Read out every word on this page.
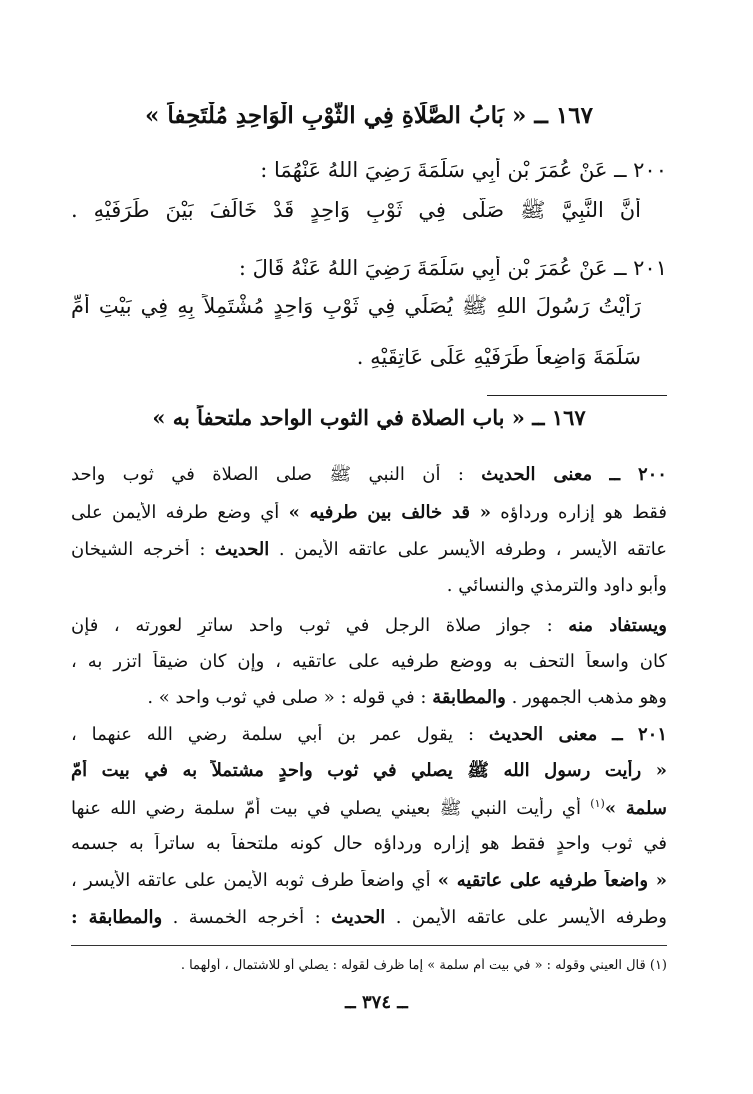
١٦٧ ــ « بَابُ الصَّلَاةِ فِي الثَّوْبِ الْوَاحِدِ مُلْتَحِفاً »
٢٠٠ ــ عَنْ عُمَرَ بْنِ أَبِي سَلَمَةَ رَضِيَ اللهُ عَنْهُمَا :
أَنَّ النَّبِيَّ ﷺ صَلَّى فِي ثَوْبٍ وَاحِدٍ قَدْ خَالَفَ بَيْنَ طَرَفَيْهِ .
٢٠١ ــ عَنْ عُمَرَ بْنِ أَبِي سَلَمَةَ رَضِيَ اللهُ عَنْهُ قَالَ :
رَأَيْتُ رَسُولَ اللهِ ﷺ يُصَلِّي فِي ثَوْبٍ وَاحِدٍ مُشْتَمِلاً بِهِ فِي بَيْتِ أُمِّ
سَلَمَةَ وَاضِعاً طَرَفَيْهِ عَلَى عَاتِقَيْهِ .
١٦٧ ــ « باب الصلاة في الثوب الواحد ملتحفاً به »
٢٠٠ ــ معنى الحديث : أن النبي ﷺ صلى الصلاة في ثوب واحد
فقط هو إزاره ورداؤه « قد خالف بين طرفيه » أي وضع طرفه الأيمن على
عاتقه الأيسر ، وطرفه الأيسر على عاتقه الأيمن . الحديث : أخرجه الشيخان
وأبو داود والترمذي والنسائي .
ويستفاد منه : جواز صلاة الرجل في ثوب واحد ساترٍ لعورته ، فإن
كان واسعاً التحف به ووضع طرفيه على عاتقيه ، وإن كان ضيقاً اتزر به ،
وهو مذهب الجمهور . والمطابقة : في قوله : « صلى في ثوب واحد » .
٢٠١ ــ معنى الحديث : يقول عمر بن أبي سلمة رضي الله عنهما ،
« رأيت رسول الله ﷺ يصلي في ثوب واحدٍ مشتملاً به في بيت أمّ
سلمة »$^{(١)}$ أي رأيت النبي ﷺ بعيني يصلي في بيت أمّ سلمة رضي الله عنها
في ثوب واحدٍ فقط هو إزاره ورداؤه حال كونه ملتحفاً به ساتراً به جسمه
« واضعاً طرفيه على عاتقيه » أي واضعاً طرف ثوبه الأيمن على عاتقه الأيسر ،
وطرفه الأيسر على عاتقه الأيمن . الحديث : أخرجه الخمسة . والمطابقة :
(١) قال العيني وقوله : « في بيت أم سلمة » إما ظرف لقوله : يصلي أو للاشتمال ، أولهما .
ــ ٣٧٤ ــ
